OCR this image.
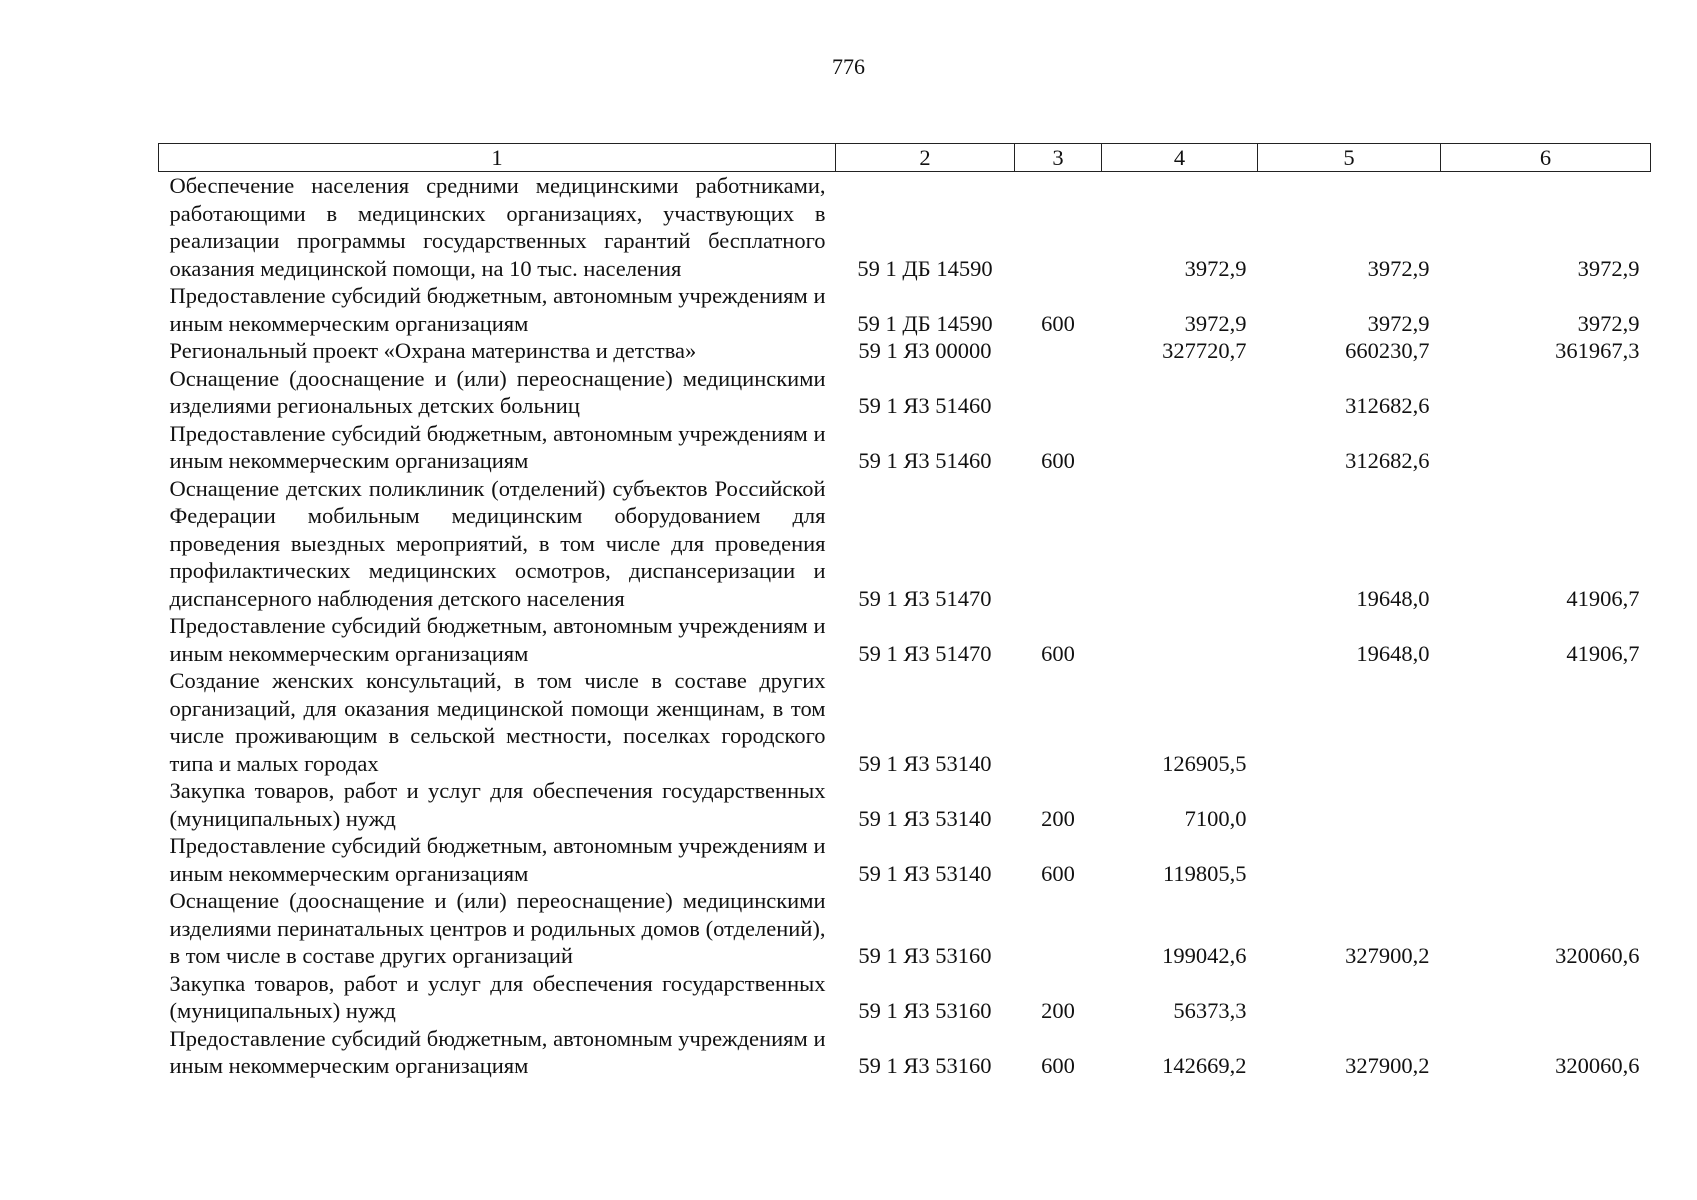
776
1	2	3	4	5	6
Обеспечение населения средними медицинскими работниками, работающими в медицинских организациях, участвующих в реализации программы государственных гарантий бесплатного оказания медицинской помощи, на 10 тыс. населения	59 1 ДБ 14590		3972,9	3972,9	3972,9
Предоставление субсидий бюджетным, автономным учреждениям и иным некоммерческим организациям	59 1 ДБ 14590	600	3972,9	3972,9	3972,9
Региональный проект «Охрана материнства и детства»	59 1 Я3 00000		327720,7	660230,7	361967,3
Оснащение (дооснащение и (или) переоснащение) медицинскими изделиями региональных детских больниц	59 1 Я3 51460			312682,6	
Предоставление субсидий бюджетным, автономным учреждениям и иным некоммерческим организациям	59 1 Я3 51460	600		312682,6	
Оснащение детских поликлиник (отделений) субъектов Российской Федерации мобильным медицинским оборудованием для проведения выездных мероприятий, в том числе для проведения профилактических медицинских осмотров, диспансеризации и диспансерного наблюдения детского населения	59 1 Я3 51470			19648,0	41906,7
Предоставление субсидий бюджетным, автономным учреждениям и иным некоммерческим организациям	59 1 Я3 51470	600		19648,0	41906,7
Создание женских консультаций, в том числе в составе других организаций, для оказания медицинской помощи женщинам, в том числе проживающим в сельской местности, поселках городского типа и малых городах	59 1 Я3 53140		126905,5		
Закупка товаров, работ и услуг для обеспечения государственных (муниципальных) нужд	59 1 Я3 53140	200	7100,0		
Предоставление субсидий бюджетным, автономным учреждениям и иным некоммерческим организациям	59 1 Я3 53140	600	119805,5		
Оснащение (дооснащение и (или) переоснащение) медицинскими изделиями перинатальных центров и родильных домов (отделений), в том числе в составе других организаций	59 1 Я3 53160		199042,6	327900,2	320060,6
Закупка товаров, работ и услуг для обеспечения государственных (муниципальных) нужд	59 1 Я3 53160	200	56373,3		
Предоставление субсидий бюджетным, автономным учреждениям и иным некоммерческим организациям	59 1 Я3 53160	600	142669,2	327900,2	320060,6
